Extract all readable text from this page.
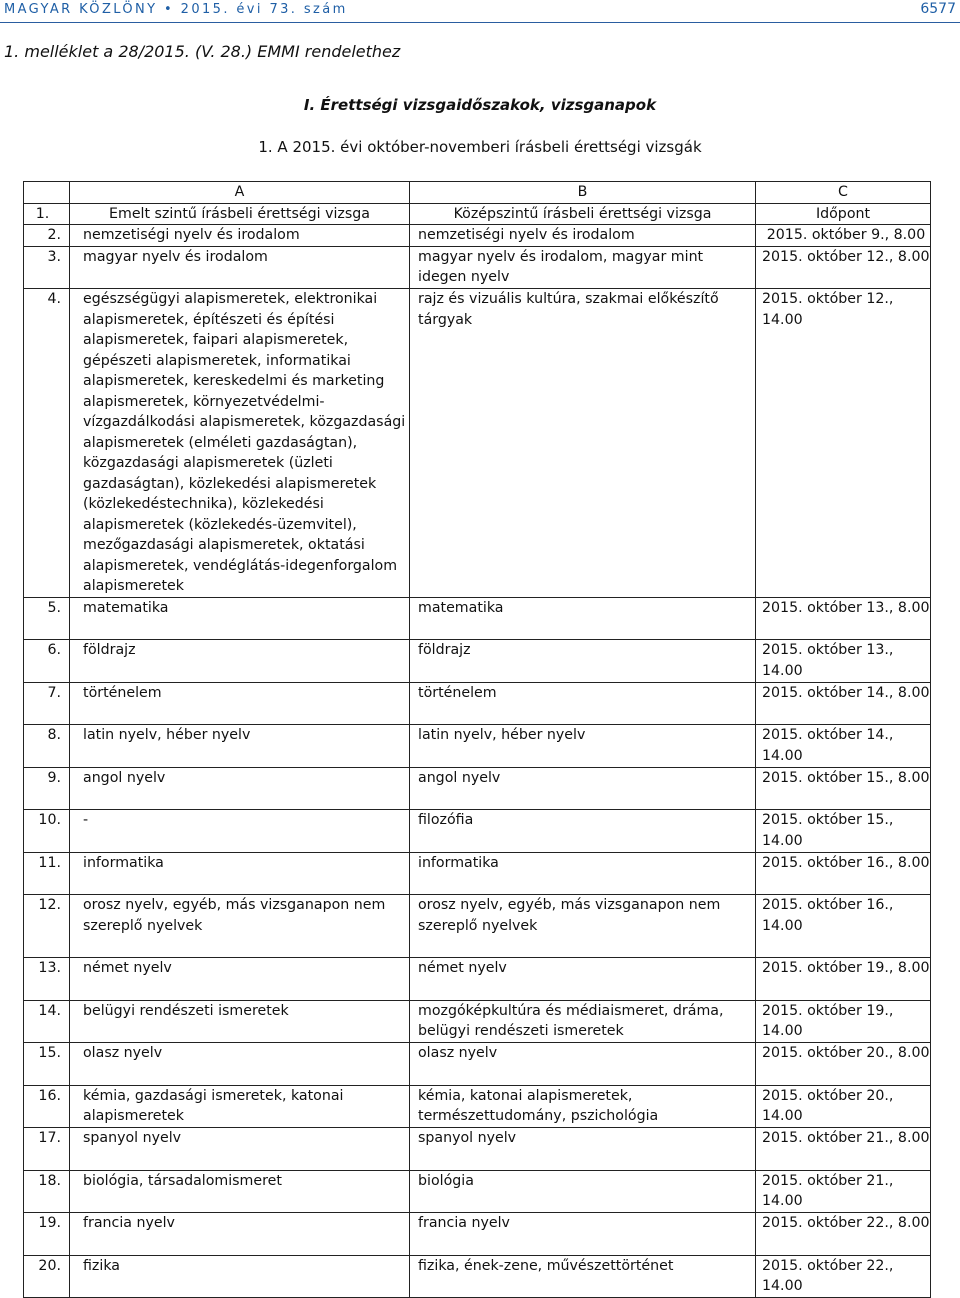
MAGYAR KÖZLÖNY • 2015. évi 73. szám	6577
1. melléklet a 28/2015. (V. 28.) EMMI rendelethez
I. Érettségi vizsgaidőszakok, vizsganapok
1. A 2015. évi október-novemberi írásbeli érettségi vizsgák
	A	B	C
1.	Emelt szintű írásbeli érettségi vizsga	Középszintű írásbeli érettségi vizsga	Időpont
2.	nemzetiségi nyelv és irodalom	nemzetiségi nyelv és irodalom	2015. október 9., 8.00
3.	magyar nyelv és irodalom	magyar nyelv és irodalom, magyar mint idegen nyelv	2015. október 12., 8.00
4.	egészségügyi alapismeretek, elektronikai alapismeretek, építészeti és építési alapismeretek, faipari alapismeretek, gépészeti alapismeretek, informatikai alapismeretek, kereskedelmi és marketing alapismeretek, környezetvédelmi- vízgazdálkodási alapismeretek, közgazdasági alapismeretek (elméleti gazdaságtan), közgazdasági alapismeretek (üzleti gazdaságtan), közlekedési alapismeretek (közlekedéstechnika), közlekedési alapismeretek (közlekedés-üzemvitel), mezőgazdasági alapismeretek, oktatási alapismeretek, vendéglátás-idegenforgalom alapismeretek	rajz és vizuális kultúra, szakmai előkészítő tárgyak	2015. október 12., 14.00
5.	matematika	matematika	2015. október 13., 8.00
6.	földrajz	földrajz	2015. október 13., 14.00
7.	történelem	történelem	2015. október 14., 8.00
8.	latin nyelv, héber nyelv	latin nyelv, héber nyelv	2015. október 14., 14.00
9.	angol nyelv	angol nyelv	2015. október 15., 8.00
10.	-	filozófia	2015. október 15., 14.00
11.	informatika	informatika	2015. október 16., 8.00
12.	orosz nyelv, egyéb, más vizsganapon nem szereplő nyelvek	orosz nyelv, egyéb, más vizsganapon nem szereplő nyelvek	2015. október 16., 14.00
13.	német nyelv	német nyelv	2015. október 19., 8.00
14.	belügyi rendészeti ismeretek	mozgóképkultúra és médiaismeret, dráma, belügyi rendészeti ismeretek	2015. október 19., 14.00
15.	olasz nyelv	olasz nyelv	2015. október 20., 8.00
16.	kémia, gazdasági ismeretek, katonai alapismeretek	kémia, katonai alapismeretek, természettudomány, pszichológia	2015. október 20., 14.00
17.	spanyol nyelv	spanyol nyelv	2015. október 21., 8.00
18.	biológia, társadalomismeret	biológia	2015. október 21., 14.00
19.	francia nyelv	francia nyelv	2015. október 22., 8.00
20.	fizika	fizika, ének-zene, művészettörténet	2015. október 22., 14.00
